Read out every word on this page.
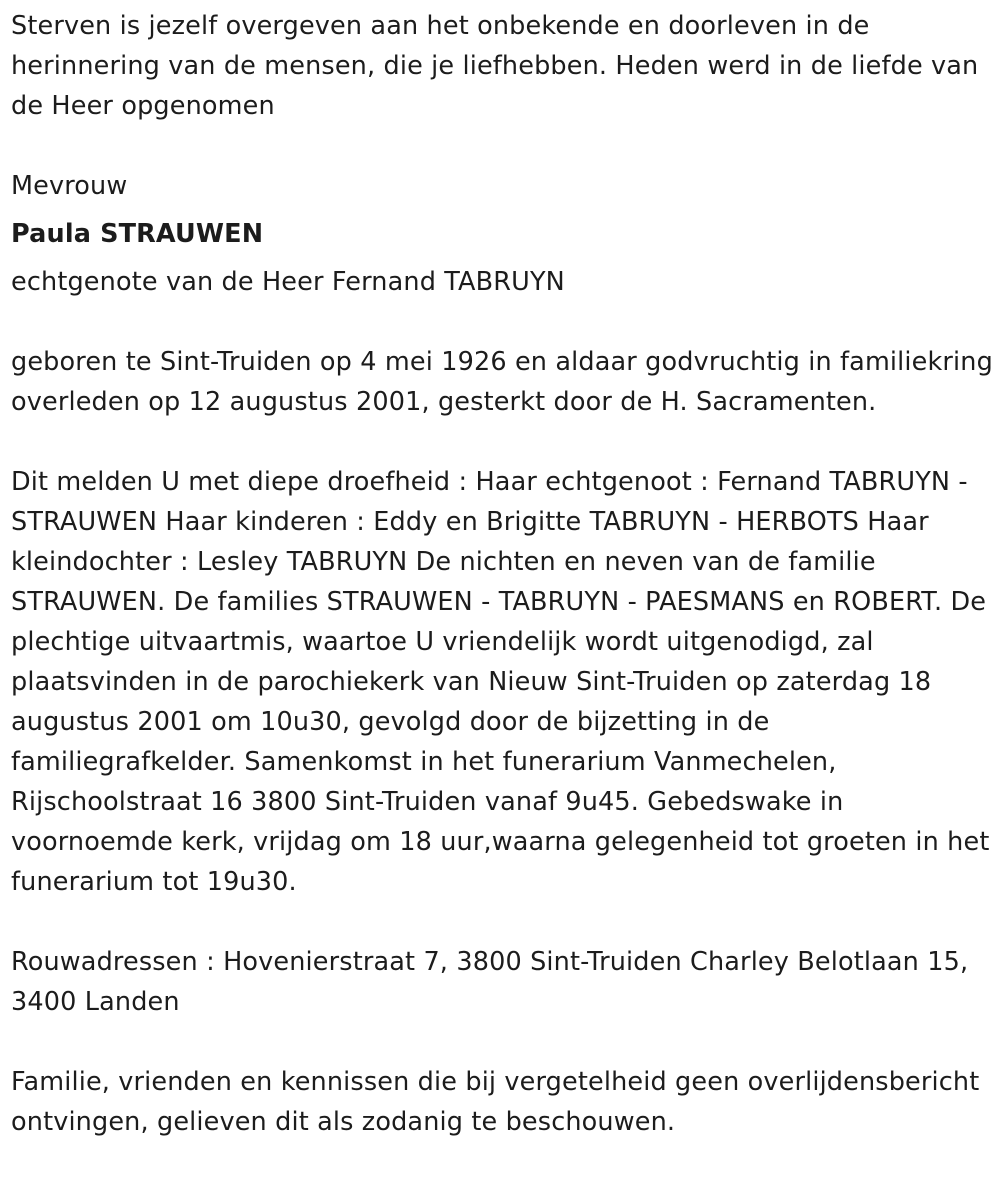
Sterven is jezelf overgeven aan het onbekende en doorleven in de herinnering van de mensen, die je liefhebben. Heden werd in de liefde van de Heer opgenomen

Mevrouw

Paula STRAUWEN

echtgenote van de Heer Fernand TABRUYN

geboren te Sint-Truiden op 4 mei 1926 en aldaar godvruchtig in familiekring overleden op 12 augustus 2001, gesterkt door de H. Sacramenten.

Dit melden U met diepe droefheid : Haar echtgenoot : Fernand TABRUYN - STRAUWEN Haar kinderen : Eddy en Brigitte TABRUYN - HERBOTS Haar kleindochter : Lesley TABRUYN De nichten en neven van de familie STRAUWEN. De families STRAUWEN - TABRUYN - PAESMANS en ROBERT. De plechtige uitvaartmis, waartoe U vriendelijk wordt uitgenodigd, zal plaatsvinden in de parochiekerk van Nieuw Sint-Truiden op zaterdag 18 augustus 2001 om 10u30, gevolgd door de bijzetting in de familiegrafkelder. Samenkomst in het funerarium Vanmechelen, Rijschoolstraat 16 3800 Sint-Truiden vanaf 9u45. Gebedswake in voornoemde kerk, vrijdag om 18 uur,waarna gelegenheid tot groeten in het funerarium tot 19u30.

Rouwadressen : Hovenierstraat 7, 3800 Sint-Truiden Charley Belotlaan 15, 3400 Landen

Familie, vrienden en kennissen die bij vergetelheid geen overlijdensbericht ontvingen, gelieven dit als zodanig te beschouwen.
